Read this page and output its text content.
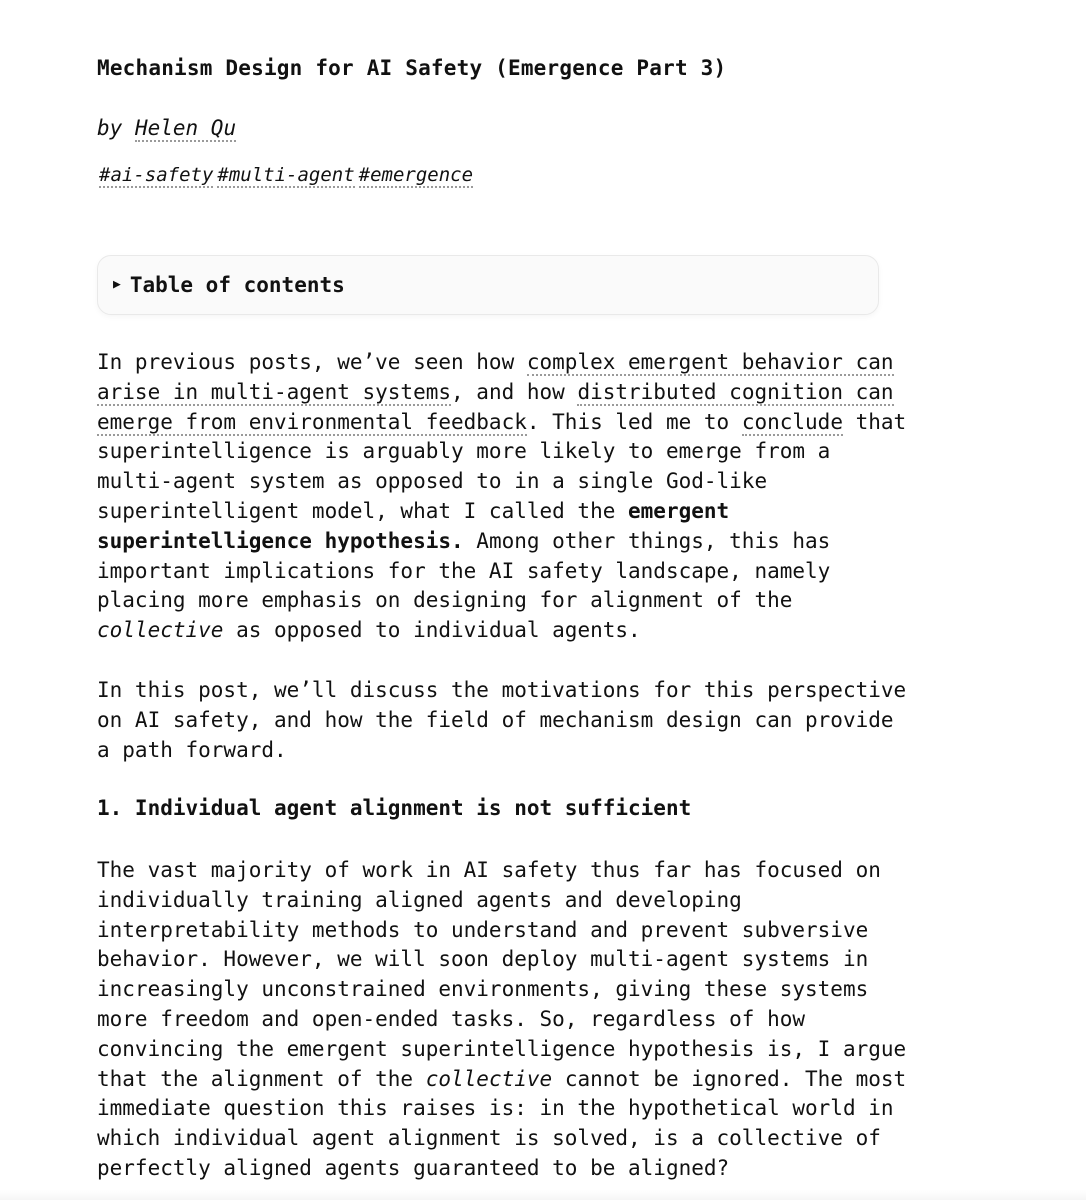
Mechanism Design for AI Safety (Emergence Part 3)

by Helen Qu

#ai-safety #multi-agent #emergence

▶ Table of contents

In previous posts, we’ve seen how complex emergent behavior can
arise in multi-agent systems, and how distributed cognition can
emerge from environmental feedback. This led me to conclude that
superintelligence is arguably more likely to emerge from a
multi-agent system as opposed to in a single God-like
superintelligent model, what I called the emergent
superintelligence hypothesis. Among other things, this has
important implications for the AI safety landscape, namely
placing more emphasis on designing for alignment of the
collective as opposed to individual agents.

In this post, we’ll discuss the motivations for this perspective
on AI safety, and how the field of mechanism design can provide
a path forward.

1. Individual agent alignment is not sufficient

The vast majority of work in AI safety thus far has focused on
individually training aligned agents and developing
interpretability methods to understand and prevent subversive
behavior. However, we will soon deploy multi-agent systems in
increasingly unconstrained environments, giving these systems
more freedom and open-ended tasks. So, regardless of how
convincing the emergent superintelligence hypothesis is, I argue
that the alignment of the collective cannot be ignored. The most
immediate question this raises is: in the hypothetical world in
which individual agent alignment is solved, is a collective of
perfectly aligned agents guaranteed to be aligned?
